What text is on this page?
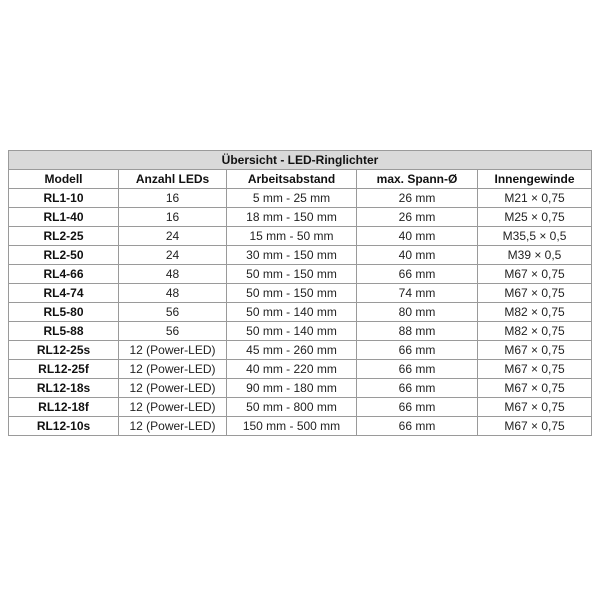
Übersicht - LED-Ringlichter				
Modell	Anzahl LEDs	Arbeitsabstand	max. Spann-Ø	Innengewinde
RL1-10	16	5 mm - 25 mm	26 mm	M21 × 0,75
RL1-40	16	18 mm - 150 mm	26 mm	M25 × 0,75
RL2-25	24	15 mm - 50 mm	40 mm	M35,5 × 0,5
RL2-50	24	30 mm - 150 mm	40 mm	M39 × 0,5
RL4-66	48	50 mm - 150 mm	66 mm	M67 × 0,75
RL4-74	48	50 mm - 150 mm	74 mm	M67 × 0,75
RL5-80	56	50 mm - 140 mm	80 mm	M82 × 0,75
RL5-88	56	50 mm - 140 mm	88 mm	M82 × 0,75
RL12-25s	12 (Power-LED)	45 mm - 260 mm	66 mm	M67 × 0,75
RL12-25f	12 (Power-LED)	40 mm - 220 mm	66 mm	M67 × 0,75
RL12-18s	12 (Power-LED)	90 mm - 180 mm	66 mm	M67 × 0,75
RL12-18f	12 (Power-LED)	50 mm - 800 mm	66 mm	M67 × 0,75
RL12-10s	12 (Power-LED)	150 mm - 500 mm	66 mm	M67 × 0,75
